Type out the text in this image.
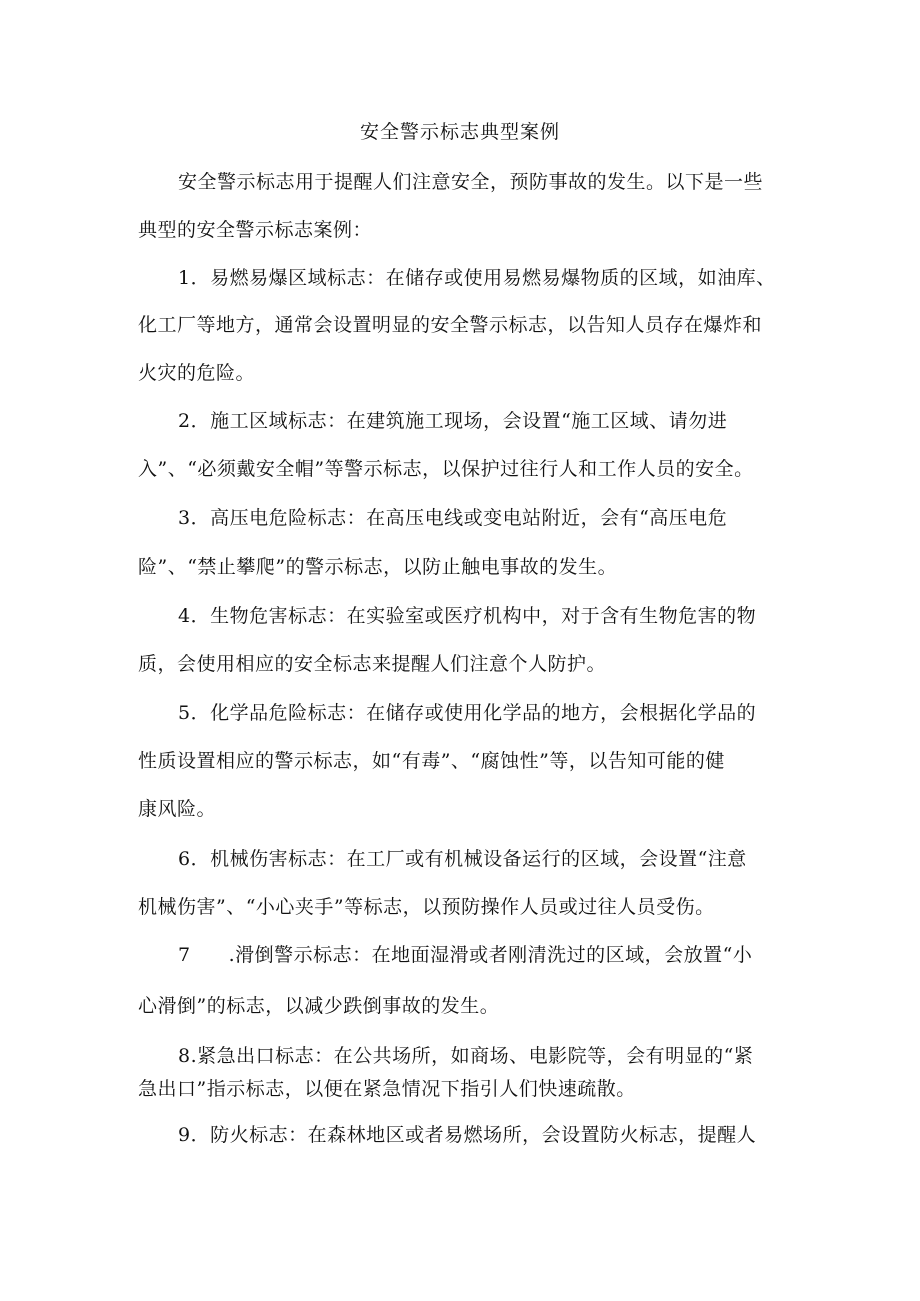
安全警示标志典型案例
安全警示标志用于提醒人们注意安全，预防事故的发生。以下是一些
典型的安全警示标志案例：
1．易燃易爆区域标志：在储存或使用易燃易爆物质的区域，如油库、
化工厂等地方，通常会设置明显的安全警示标志，以告知人员存在爆炸和
火灾的危险。
2．施工区域标志：在建筑施工现场，会设置“施工区域、请勿进
入”、“必须戴安全帽”等警示标志，以保护过往行人和工作人员的安全。
3．高压电危险标志：在高压电线或变电站附近，会有“高压电危
险”、“禁止攀爬”的警示标志，以防止触电事故的发生。
4．生物危害标志：在实验室或医疗机构中，对于含有生物危害的物
质，会使用相应的安全标志来提醒人们注意个人防护。
5．化学品危险标志：在储存或使用化学品的地方，会根据化学品的
性质设置相应的警示标志，如“有毒”、“腐蚀性”等，以告知可能的健
康风险。
6．机械伤害标志：在工厂或有机械设备运行的区域，会设置“注意
机械伤害”、“小心夹手”等标志，以预防操作人员或过往人员受伤。
7 .滑倒警示标志：在地面湿滑或者刚清洗过的区域，会放置“小
心滑倒”的标志，以减少跌倒事故的发生。
8.紧急出口标志：在公共场所，如商场、电影院等，会有明显的“紧
急出口”指示标志，以便在紧急情况下指引人们快速疏散。
9．防火标志：在森林地区或者易燃场所，会设置防火标志，提醒人
